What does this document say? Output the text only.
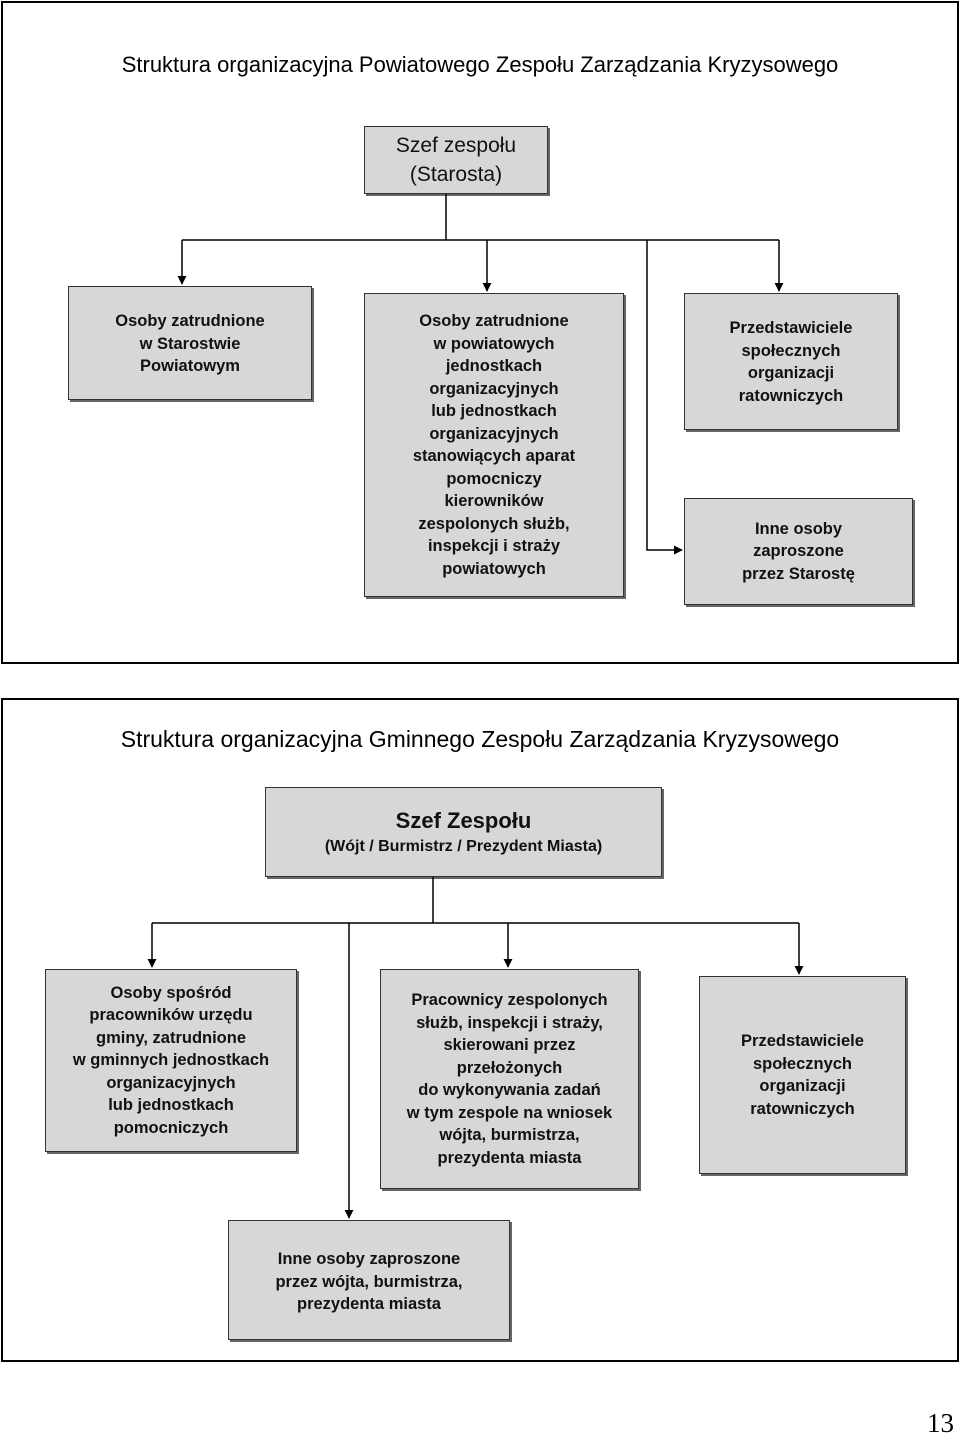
Struktura organizacyjna Powiatowego Zespołu Zarządzania Kryzysowego
Szef zespołu
(Starosta)
Osoby zatrudnione
w Starostwie
Powiatowym
Osoby zatrudnione
w powiatowych
jednostkach
organizacyjnych
lub jednostkach
organizacyjnych
stanowiących aparat
pomocniczy
kierowników
zespolonych służb,
inspekcji i straży
powiatowych
Przedstawiciele
społecznych
organizacji
ratowniczych
Inne osoby
zaproszone
przez Starostę
Struktura organizacyjna Gminnego Zespołu Zarządzania Kryzysowego
Szef Zespołu
(Wójt / Burmistrz / Prezydent Miasta)
Osoby spośród
pracowników urzędu
gminy, zatrudnione
w gminnych jednostkach
organizacyjnych
lub jednostkach
pomocniczych
Pracownicy zespolonych
służb, inspekcji i straży,
skierowani przez
przełożonych
do wykonywania zadań
w tym zespole na wniosek
wójta, burmistrza,
prezydenta miasta
Przedstawiciele
społecznych
organizacji
ratowniczych
Inne osoby zaproszone
przez wójta, burmistrza,
prezydenta miasta
13
